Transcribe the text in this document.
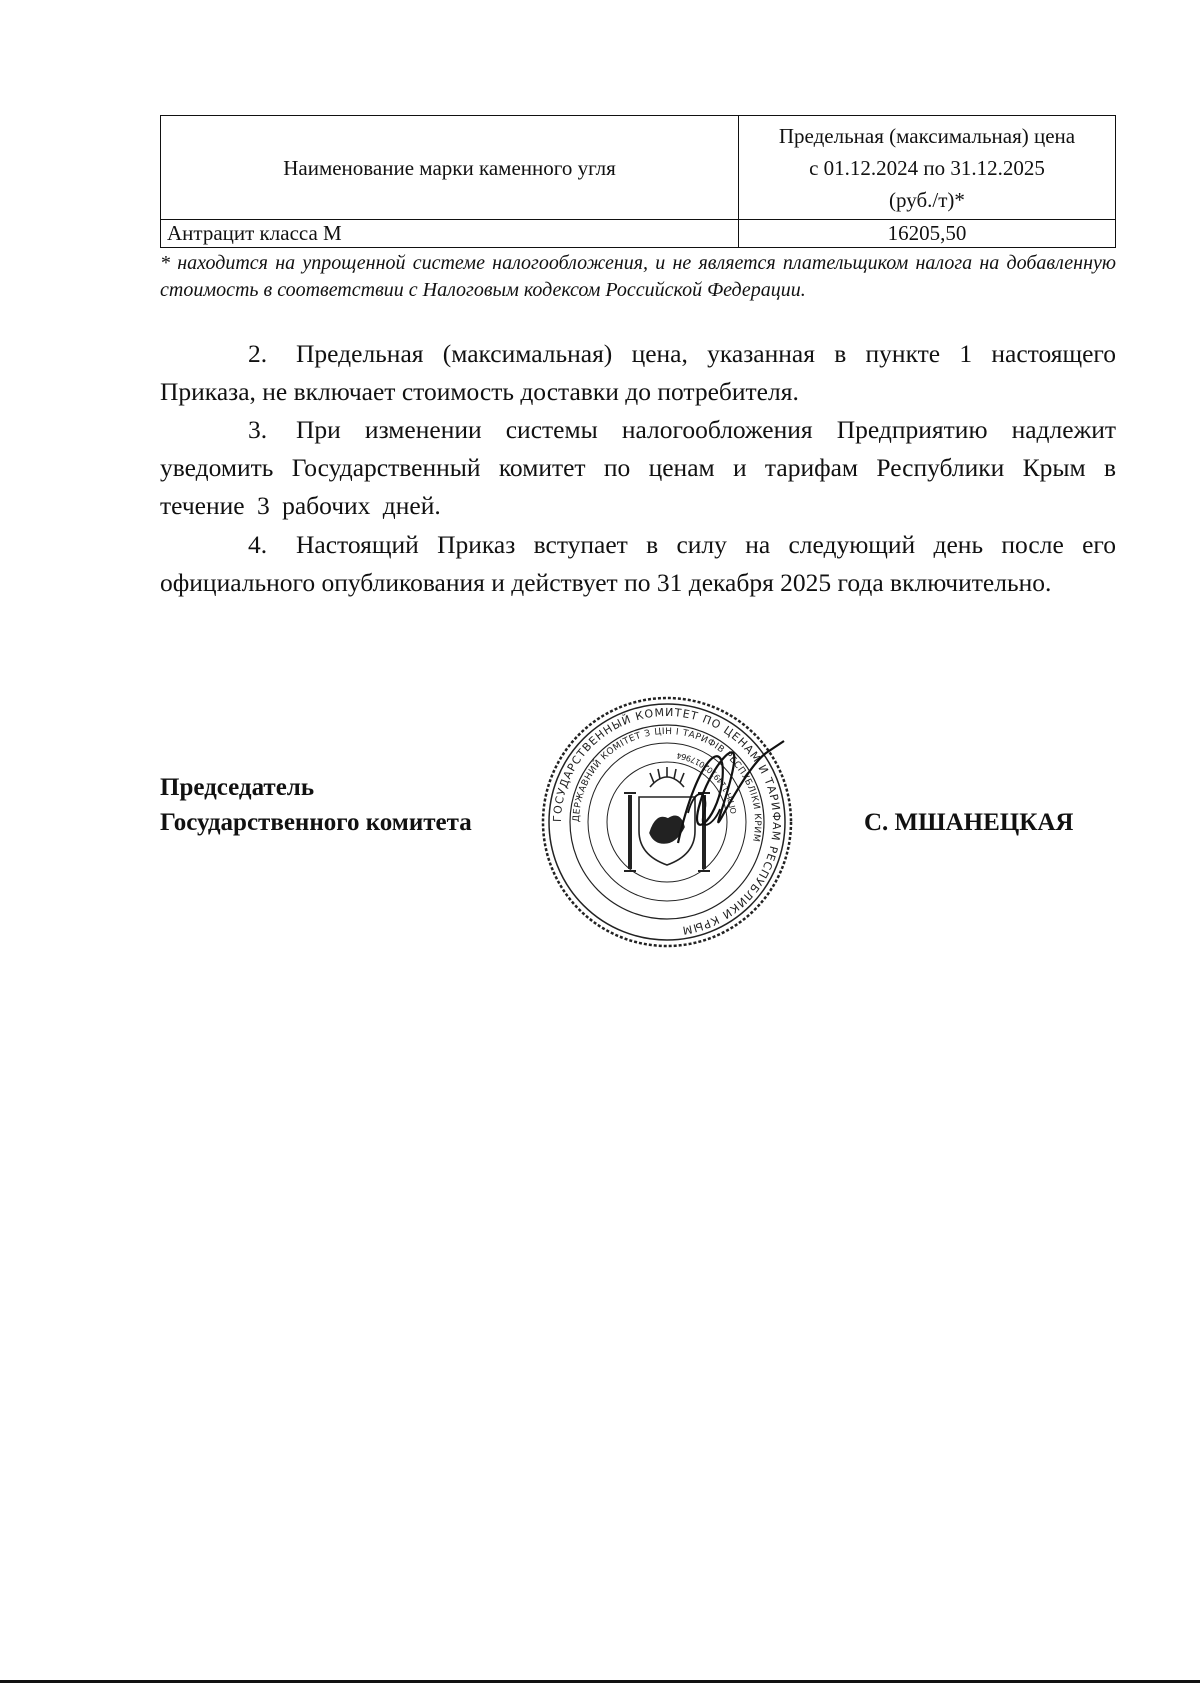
Наименование марки каменного угля	Предельная (максимальная) цена
с 01.12.2024 по 31.12.2025
(руб./т)*

Антрацит класса М	16205,50
* находится на упрощенной системе налогообложения, и не является плательщиком налога на добавленную стоимость в соответствии с Налоговым кодексом Российской Федерации.

2. Предельная (максимальная) цена, указанная в пункте 1 настоящего Приказа, не включает стоимость доставки до потребителя.

3. При изменении системы налогообложения Предприятию надлежит уведомить Государственный комитет по ценам и тарифам Республики Крым в течение 3 рабочих дней.

4. Настоящий Приказ вступает в силу на следующий день после его официального опубликования и действует по 31 декабря 2025 года включительно.

Председатель
Государственного комитета	ГОСУДАРСТВЕННЫЙ КОМИТЕТ ПО ЦЕНАМ И ТАРИФАМ РЕСПУБЛИКИ КРЫМ
ДЕРЖАВНИЙ КОМІТЕТ З ЦІН І ТАРИФІВ РЕСПУБЛІКИ КРИМ
ОГРН 1149102017964
С. МШАНЕЦКАЯ
